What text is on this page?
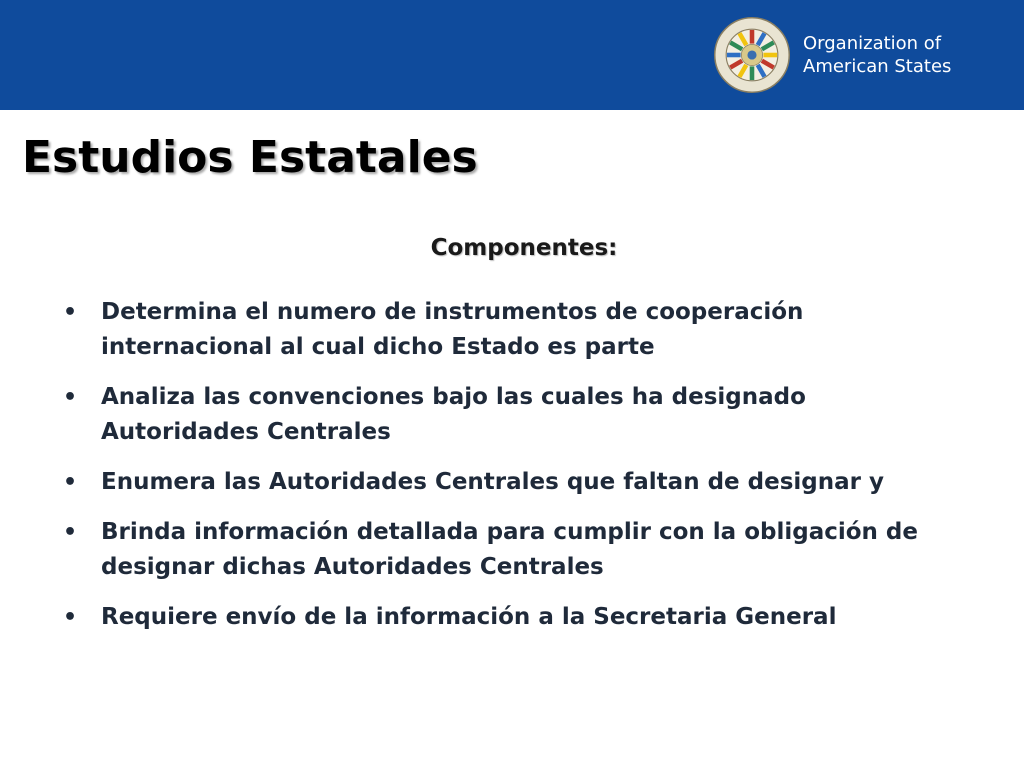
Organization of
American States
Estudios Estatales
Componentes:
• Determina el numero de instrumentos de cooperación internacional al cual dicho Estado es parte
• Analiza las convenciones bajo las cuales ha designado Autoridades Centrales
• Enumera las Autoridades Centrales que faltan de designar y
• Brinda información detallada para cumplir con la obligación de designar dichas Autoridades Centrales
• Requiere envío de la información a la Secretaria General
